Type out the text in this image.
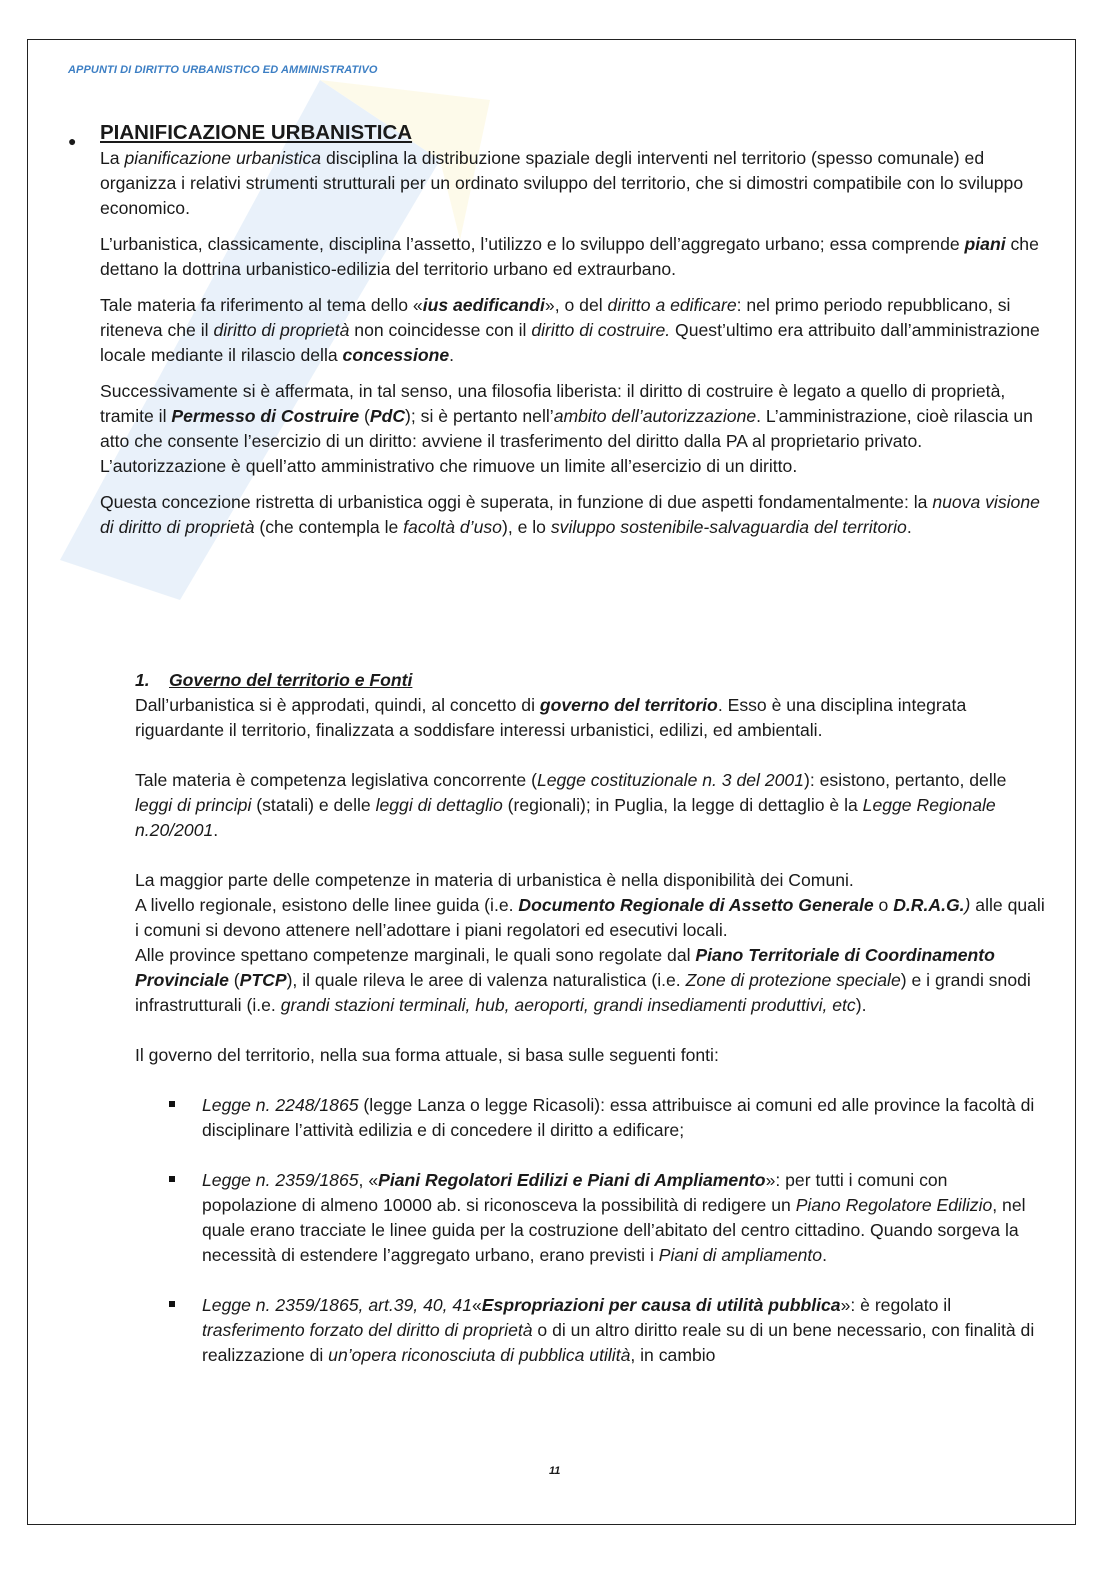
APPUNTI DI DIRITTO URBANISTICO ED AMMINISTRATIVO
● PIANIFICAZIONE URBANISTICA

La pianificazione urbanistica disciplina la distribuzione spaziale degli interventi nel territorio (spesso comunale) ed organizza i relativi strumenti strutturali per un ordinato sviluppo del territorio, che si dimostri compatibile con lo sviluppo economico.

L’urbanistica, classicamente, disciplina l’assetto, l’utilizzo e lo sviluppo dell’aggregato urbano; essa comprende piani che dettano la dottrina urbanistico-edilizia del territorio urbano ed extraurbano.

Tale materia fa riferimento al tema dello «ius aedificandi», o del diritto a edificare: nel primo periodo repubblicano, si riteneva che il diritto di proprietà non coincidesse con il diritto di costruire. Quest’ultimo era attribuito dall’amministrazione locale mediante il rilascio della concessione.

Successivamente si è affermata, in tal senso, una filosofia liberista: il diritto di costruire è legato a quello di proprietà, tramite il Permesso di Costruire (PdC); si è pertanto nell’ambito dell’autorizzazione. L’amministrazione, cioè rilascia un atto che consente l’esercizio di un diritto: avviene il trasferimento del diritto dalla PA al proprietario privato. L’autorizzazione è quell’atto amministrativo che rimuove un limite all’esercizio di un diritto.

Questa concezione ristretta di urbanistica oggi è superata, in funzione di due aspetti fondamentalmente: la nuova visione di diritto di proprietà (che contempla le facoltà d’uso), e lo sviluppo sostenibile-salvaguardia del territorio.

1. Governo del territorio e Fonti

Dall’urbanistica si è approdati, quindi, al concetto di governo del territorio. Esso è una disciplina integrata riguardante il territorio, finalizzata a soddisfare interessi urbanistici, edilizi, ed ambientali.

Tale materia è competenza legislativa concorrente (Legge costituzionale n. 3 del 2001): esistono, pertanto, delle leggi di principi (statali) e delle leggi di dettaglio (regionali); in Puglia, la legge di dettaglio è la Legge Regionale n.20/2001.

La maggior parte delle competenze in materia di urbanistica è nella disponibilità dei Comuni.
A livello regionale, esistono delle linee guida (i.e. Documento Regionale di Assetto Generale o D.R.A.G.) alle quali i comuni si devono attenere nell’adottare i piani regolatori ed esecutivi locali.
Alle province spettano competenze marginali, le quali sono regolate dal Piano Territoriale di Coordinamento Provinciale (PTCP), il quale rileva le aree di valenza naturalistica (i.e. Zone di protezione speciale) e i grandi snodi infrastrutturali (i.e. grandi stazioni terminali, hub, aeroporti, grandi insediamenti produttivi, etc).

Il governo del territorio, nella sua forma attuale, si basa sulle seguenti fonti:

Legge n. 2248/1865 (legge Lanza o legge Ricasoli): essa attribuisce ai comuni ed alle province la facoltà di disciplinare l’attività edilizia e di concedere il diritto a edificare;
Legge n. 2359/1865, «Piani Regolatori Edilizi e Piani di Ampliamento»: per tutti i comuni con popolazione di almeno 10000 ab. si riconosceva la possibilità di redigere un Piano Regolatore Edilizio, nel quale erano tracciate le linee guida per la costruzione dell’abitato del centro cittadino. Quando sorgeva la necessità di estendere l’aggregato urbano, erano previsti i Piani di ampliamento.
Legge n. 2359/1865, art.39, 40, 41«Espropriazioni per causa di utilità pubblica»: è regolato il trasferimento forzato del diritto di proprietà o di un altro diritto reale su di un bene necessario, con finalità di realizzazione di un’opera riconosciuta di pubblica utilità, in cambio
11
